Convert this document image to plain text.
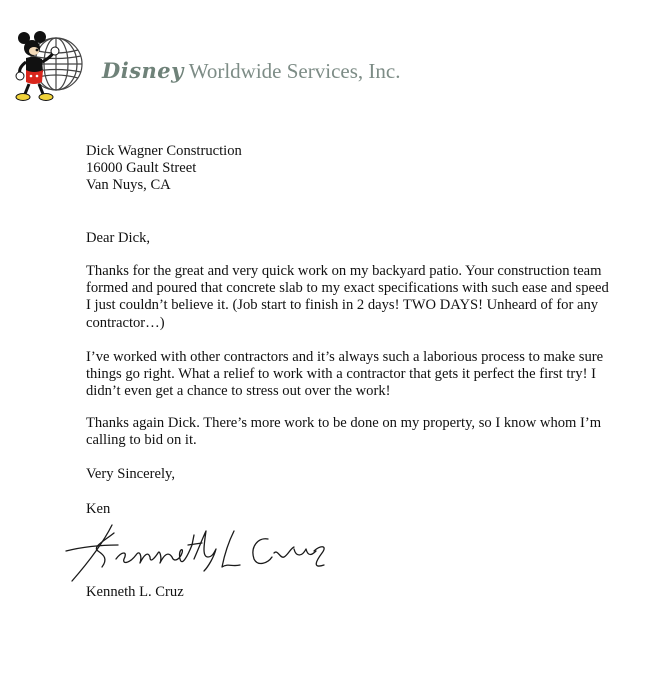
Disney Worldwide Services, Inc.
Dick Wagner Construction
16000 Gault Street
Van Nuys, CA
Dear Dick,
Thanks for the great and very quick work on my backyard patio. Your construction team
formed and poured that concrete slab to my exact specifications with such ease and speed
I just couldn’t believe it. (Job start to finish in 2 days! TWO DAYS! Unheard of for any
contractor…)
I’ve worked with other contractors and it’s always such a laborious process to make sure
things go right. What a relief to work with a contractor that gets it perfect the first try! I
didn’t even get a chance to stress out over the work!
Thanks again Dick. There’s more work to be done on my property, so I know whom I’m
calling to bid on it.
Very Sincerely,
Ken
Kenneth L. Cruz
